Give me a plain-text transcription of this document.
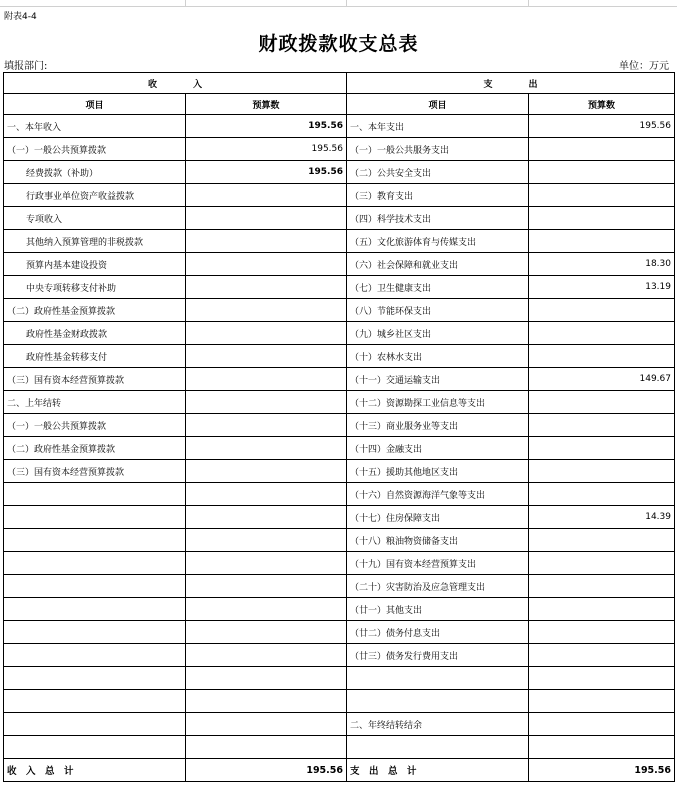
附表4-4
财政拨款收支总表
填报部门:	单位：万元
收　　　　入		支　　　　出	
项目	预算数	项目	预算数
一、本年收入	195.56	一、本年支出	195.56
（一）一般公共预算拨款	195.56	（一）一般公共服务支出	
经费拨款（补助）	195.56	（二）公共安全支出	
行政事业单位资产收益拨款		（三）教育支出	
专项收入		（四）科学技术支出	
其他纳入预算管理的非税拨款		（五）文化旅游体育与传媒支出	
预算内基本建设投资		（六）社会保障和就业支出	18.30
中央专项转移支付补助		（七）卫生健康支出	13.19
（二）政府性基金预算拨款		（八）节能环保支出	
政府性基金财政拨款		（九）城乡社区支出	
政府性基金转移支付		（十）农林水支出	
（三）国有资本经营预算拨款		（十一）交通运输支出	149.67
二、上年结转		（十二）资源勘探工业信息等支出	
（一）一般公共预算拨款		（十三）商业服务业等支出	
（二）政府性基金预算拨款		（十四）金融支出	
（三）国有资本经营预算拨款		（十五）援助其他地区支出	
		（十六）自然资源海洋气象等支出	
		（十七）住房保障支出	14.39
		（十八）粮油物资储备支出	
		（十九）国有资本经营预算支出	
		（二十）灾害防治及应急管理支出	
		（廿一）其他支出	
		（廿二）债务付息支出	
		（廿三）债务发行费用支出	

		二、年终结转结余	

收　入　总　计	195.56	支　出　总　计	195.56
